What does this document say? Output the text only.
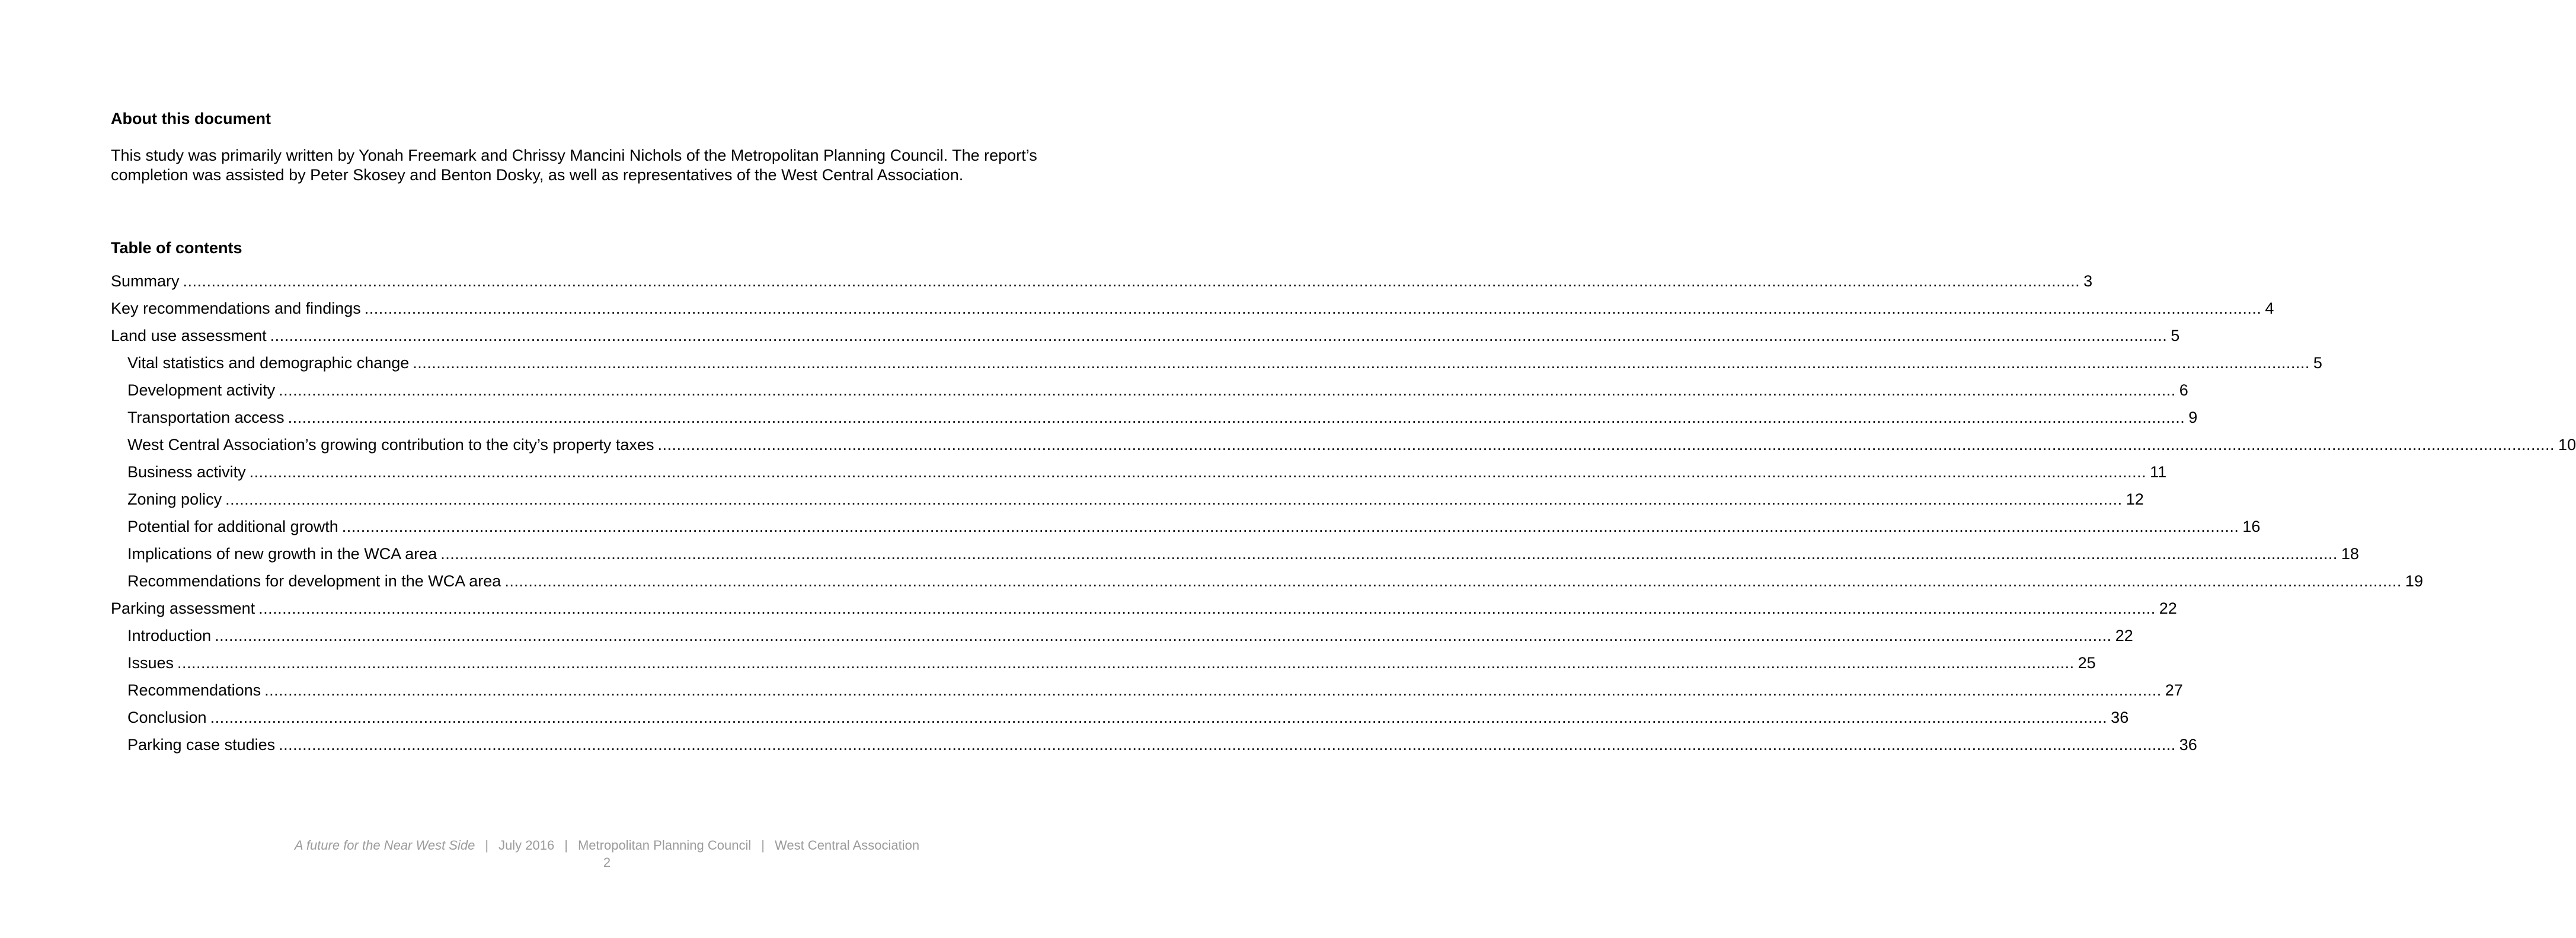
About this document

This study was primarily written by Yonah Freemark and Chrissy Mancini Nichols of the Metropolitan Planning Council. The report’s completion was assisted by Peter Skosey and Benton Dosky, as well as representatives of the West Central Association.

Table of contents
Summary ................................................................................................................................................................................................................................................................................................................................................................................................................ 3
Key recommendations and findings ................................................................................................................................................................................................................................................................................................................................................................................................................ 4
Land use assessment ................................................................................................................................................................................................................................................................................................................................................................................................................ 5
Vital statistics and demographic change ................................................................................................................................................................................................................................................................................................................................................................................................................ 5
Development activity ................................................................................................................................................................................................................................................................................................................................................................................................................ 6
Transportation access ................................................................................................................................................................................................................................................................................................................................................................................................................ 9
West Central Association’s growing contribution to the city’s property taxes ................................................................................................................................................................................................................................................................................................................................................................................................................ 10
Business activity ................................................................................................................................................................................................................................................................................................................................................................................................................ 11
Zoning policy ................................................................................................................................................................................................................................................................................................................................................................................................................ 12
Potential for additional growth ................................................................................................................................................................................................................................................................................................................................................................................................................ 16
Implications of new growth in the WCA area ................................................................................................................................................................................................................................................................................................................................................................................................................ 18
Recommendations for development in the WCA area ................................................................................................................................................................................................................................................................................................................................................................................................................ 19
Parking assessment ................................................................................................................................................................................................................................................................................................................................................................................................................ 22
Introduction ................................................................................................................................................................................................................................................................................................................................................................................................................ 22
Issues ................................................................................................................................................................................................................................................................................................................................................................................................................ 25
Recommendations ................................................................................................................................................................................................................................................................................................................................................................................................................ 27
Conclusion ................................................................................................................................................................................................................................................................................................................................................................................................................ 36
Parking case studies ................................................................................................................................................................................................................................................................................................................................................................................................................ 36
A future for the Near West Side | July 2016 | Metropolitan Planning Council | West Central Association
2
